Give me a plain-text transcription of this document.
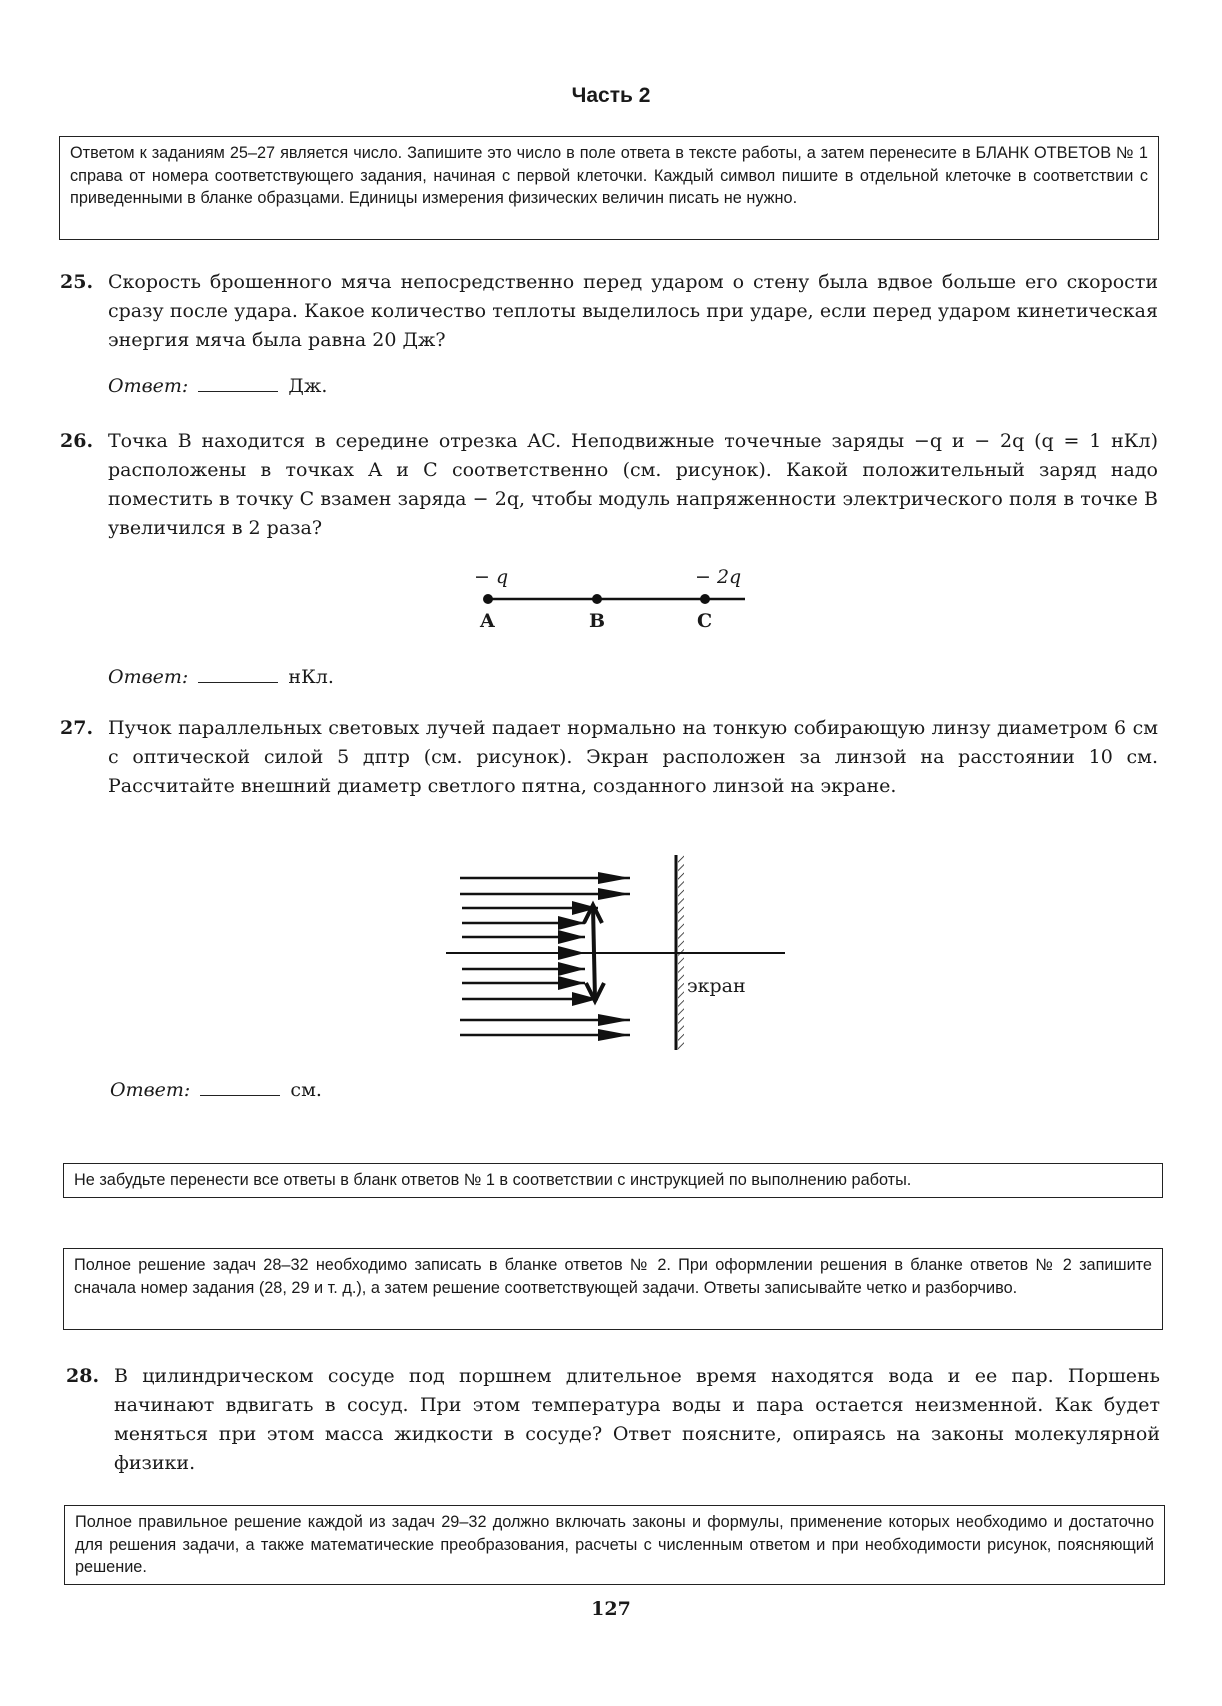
Часть 2
Ответом к заданиям 25–27 является число. Запишите это число в поле ответа в тексте работы, а затем перенесите в БЛАНК ОТВЕТОВ № 1 справа от номера соответствующего задания, начиная с первой клеточки. Каждый символ пишите в отдельной клеточке в соответствии с приведенными в бланке образцами. Единицы измерения физических величин писать не нужно.
25. Скорость брошенного мяча непосредственно перед ударом о стену была вдвое больше его скорости сразу после удара. Какое количество теплоты выделилось при ударе, если перед ударом кинетическая энергия мяча была равна 20 Дж?
Ответ:	Дж.
26. Точка B находится в середине отрезка AC. Неподвижные точечные заряды −q и − 2q (q = 1 нКл) расположены в точках A и C соответственно (см. рисунок). Какой положительный заряд надо поместить в точку C взамен заряда − 2q, чтобы модуль напряженности электрического поля в точке B увеличился в 2 раза?
− q	− 2q
A	B	C
Ответ:	нКл.
27. Пучок параллельных световых лучей падает нормально на тонкую собирающую линзу диаметром 6 см с оптической силой 5 дптр (см. рисунок). Экран расположен за линзой на расстоянии 10 см. Рассчитайте внешний диаметр светлого пятна, созданного линзой на экране.
экран
Ответ:	см.
Не забудьте перенести все ответы в бланк ответов № 1 в соответствии с инструкцией по выполнению работы.
Полное решение задач 28–32 необходимо записать в бланке ответов № 2. При оформлении решения в бланке ответов № 2 запишите сначала номер задания (28, 29 и т. д.), а затем решение соответствующей задачи. Ответы записывайте четко и разборчиво.
28. В цилиндрическом сосуде под поршнем длительное время находятся вода и ее пар. Поршень начинают вдвигать в сосуд. При этом температура воды и пара остается неизменной. Как будет меняться при этом масса жидкости в сосуде? Ответ поясните, опираясь на законы молекулярной физики.
Полное правильное решение каждой из задач 29–32 должно включать законы и формулы, применение которых необходимо и достаточно для решения задачи, а также математические преобразования, расчеты с численным ответом и при необходимости рисунок, поясняющий решение.
127
